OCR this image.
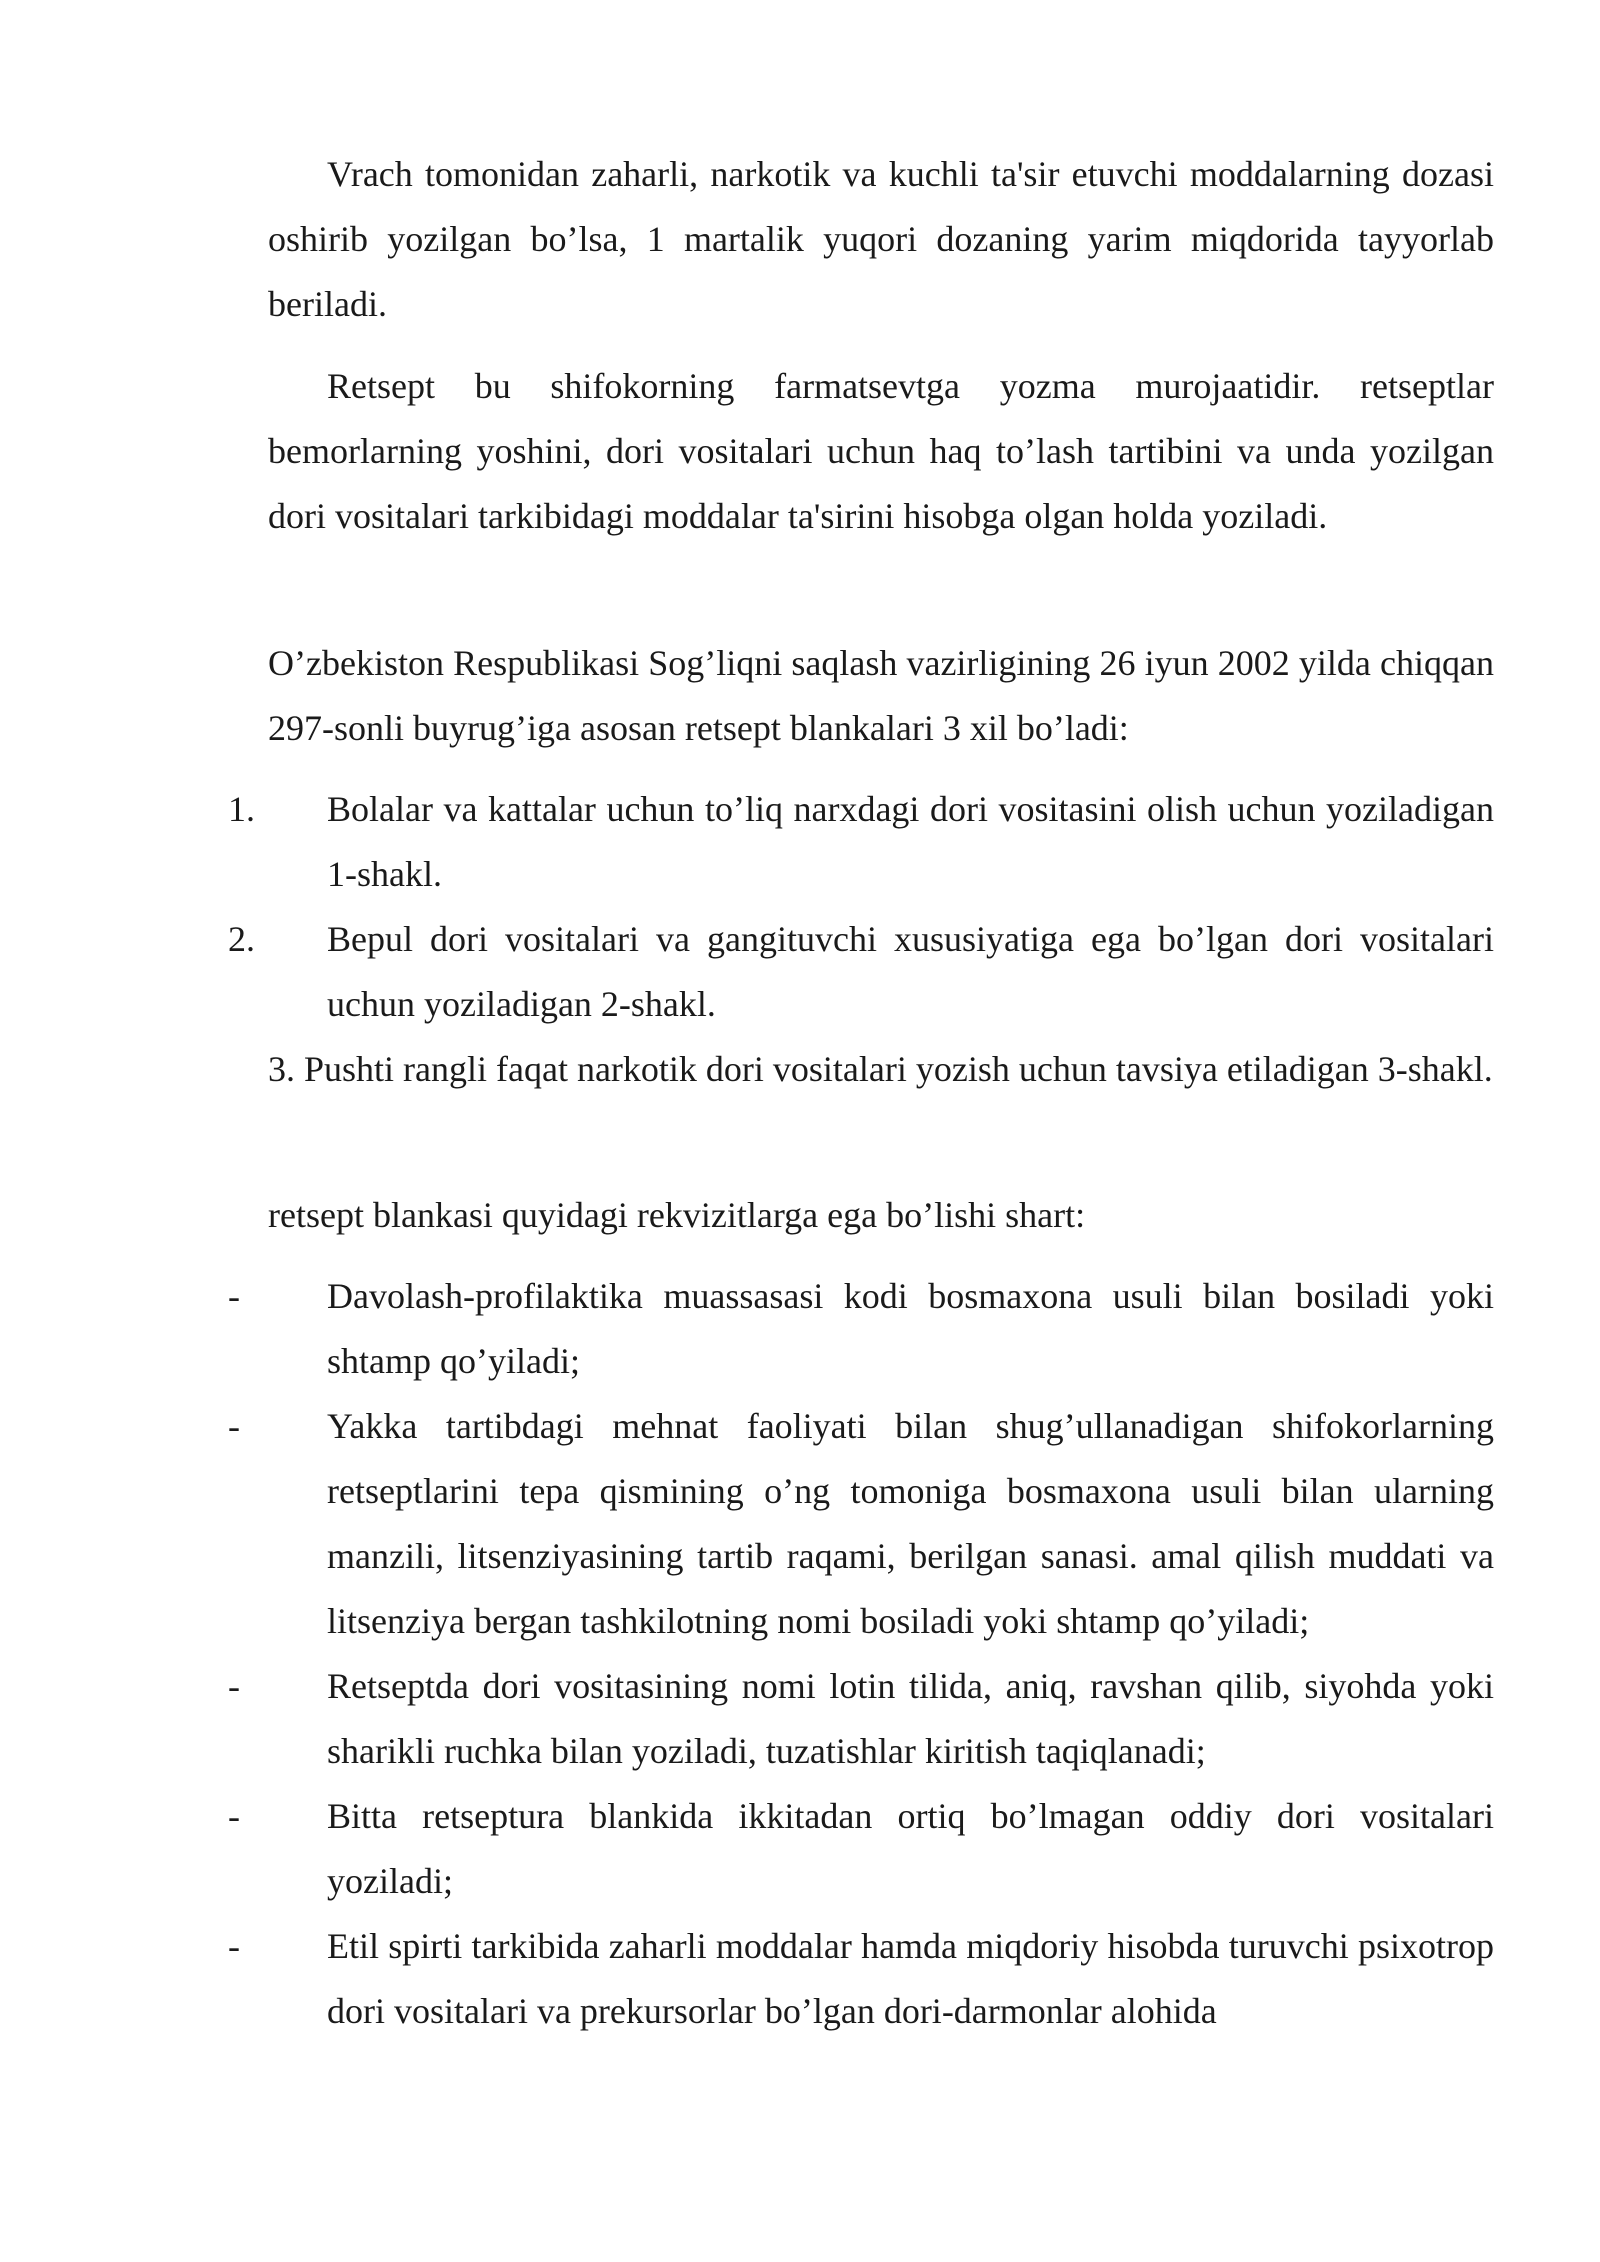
Vrach tomonidan zaharli, narkotik va kuchli ta'sir etuvchi moddalarning dozasi oshirib yozilgan bo’lsa, 1 martalik yuqori dozaning yarim miqdorida tayyorlab beriladi.

Retsept bu shifokorning farmatsevtga yozma murojaatidir. retseptlar bemorlarning yoshini, dori vositalari uchun haq to’lash tartibini va unda yozilgan dori vositalari tarkibidagi moddalar ta'sirini hisobga olgan holda yoziladi.

O’zbekiston Respublikasi Sog’liqni saqlash vazirligining 26 iyun 2002 yilda chiqqan 297-sonli buyrug’iga asosan retsept blankalari 3 xil bo’ladi:

1.	Bolalar va kattalar uchun to’liq narxdagi dori vositasini olish uchun yoziladigan 1-shakl.
2.	Bepul dori vositalari va gangituvchi xususiyatiga ega bo’lgan dori vositalari uchun yoziladigan 2-shakl.

3. Pushti rangli faqat narkotik dori vositalari yozish uchun tavsiya etiladigan 3-shakl.

retsept blankasi quyidagi rekvizitlarga ega bo’lishi shart:

-	Davolash-profilaktika muassasasi kodi bosmaxona usuli bilan bosiladi yoki shtamp qo’yiladi;
-	Yakka tartibdagi mehnat faoliyati bilan shug’ullanadigan shifokorlarning retseptlarini tepa qismining o’ng tomoniga bosmaxona usuli bilan ularning manzili, litsenziyasining tartib raqami, berilgan sanasi. amal qilish muddati va litsenziya bergan tashkilotning nomi bosiladi yoki shtamp qo’yiladi;
-	Retseptda dori vositasining nomi lotin tilida, aniq, ravshan qilib, siyohda yoki sharikli ruchka bilan yoziladi, tuzatishlar kiritish taqiqlanadi;
-	Bitta retseptura blankida ikkitadan ortiq bo’lmagan oddiy dori vositalari yoziladi;
-	Etil spirti tarkibida zaharli moddalar hamda miqdoriy hisobda turuvchi psixotrop dori vositalari va prekursorlar bo’lgan dori-darmonlar alohida
